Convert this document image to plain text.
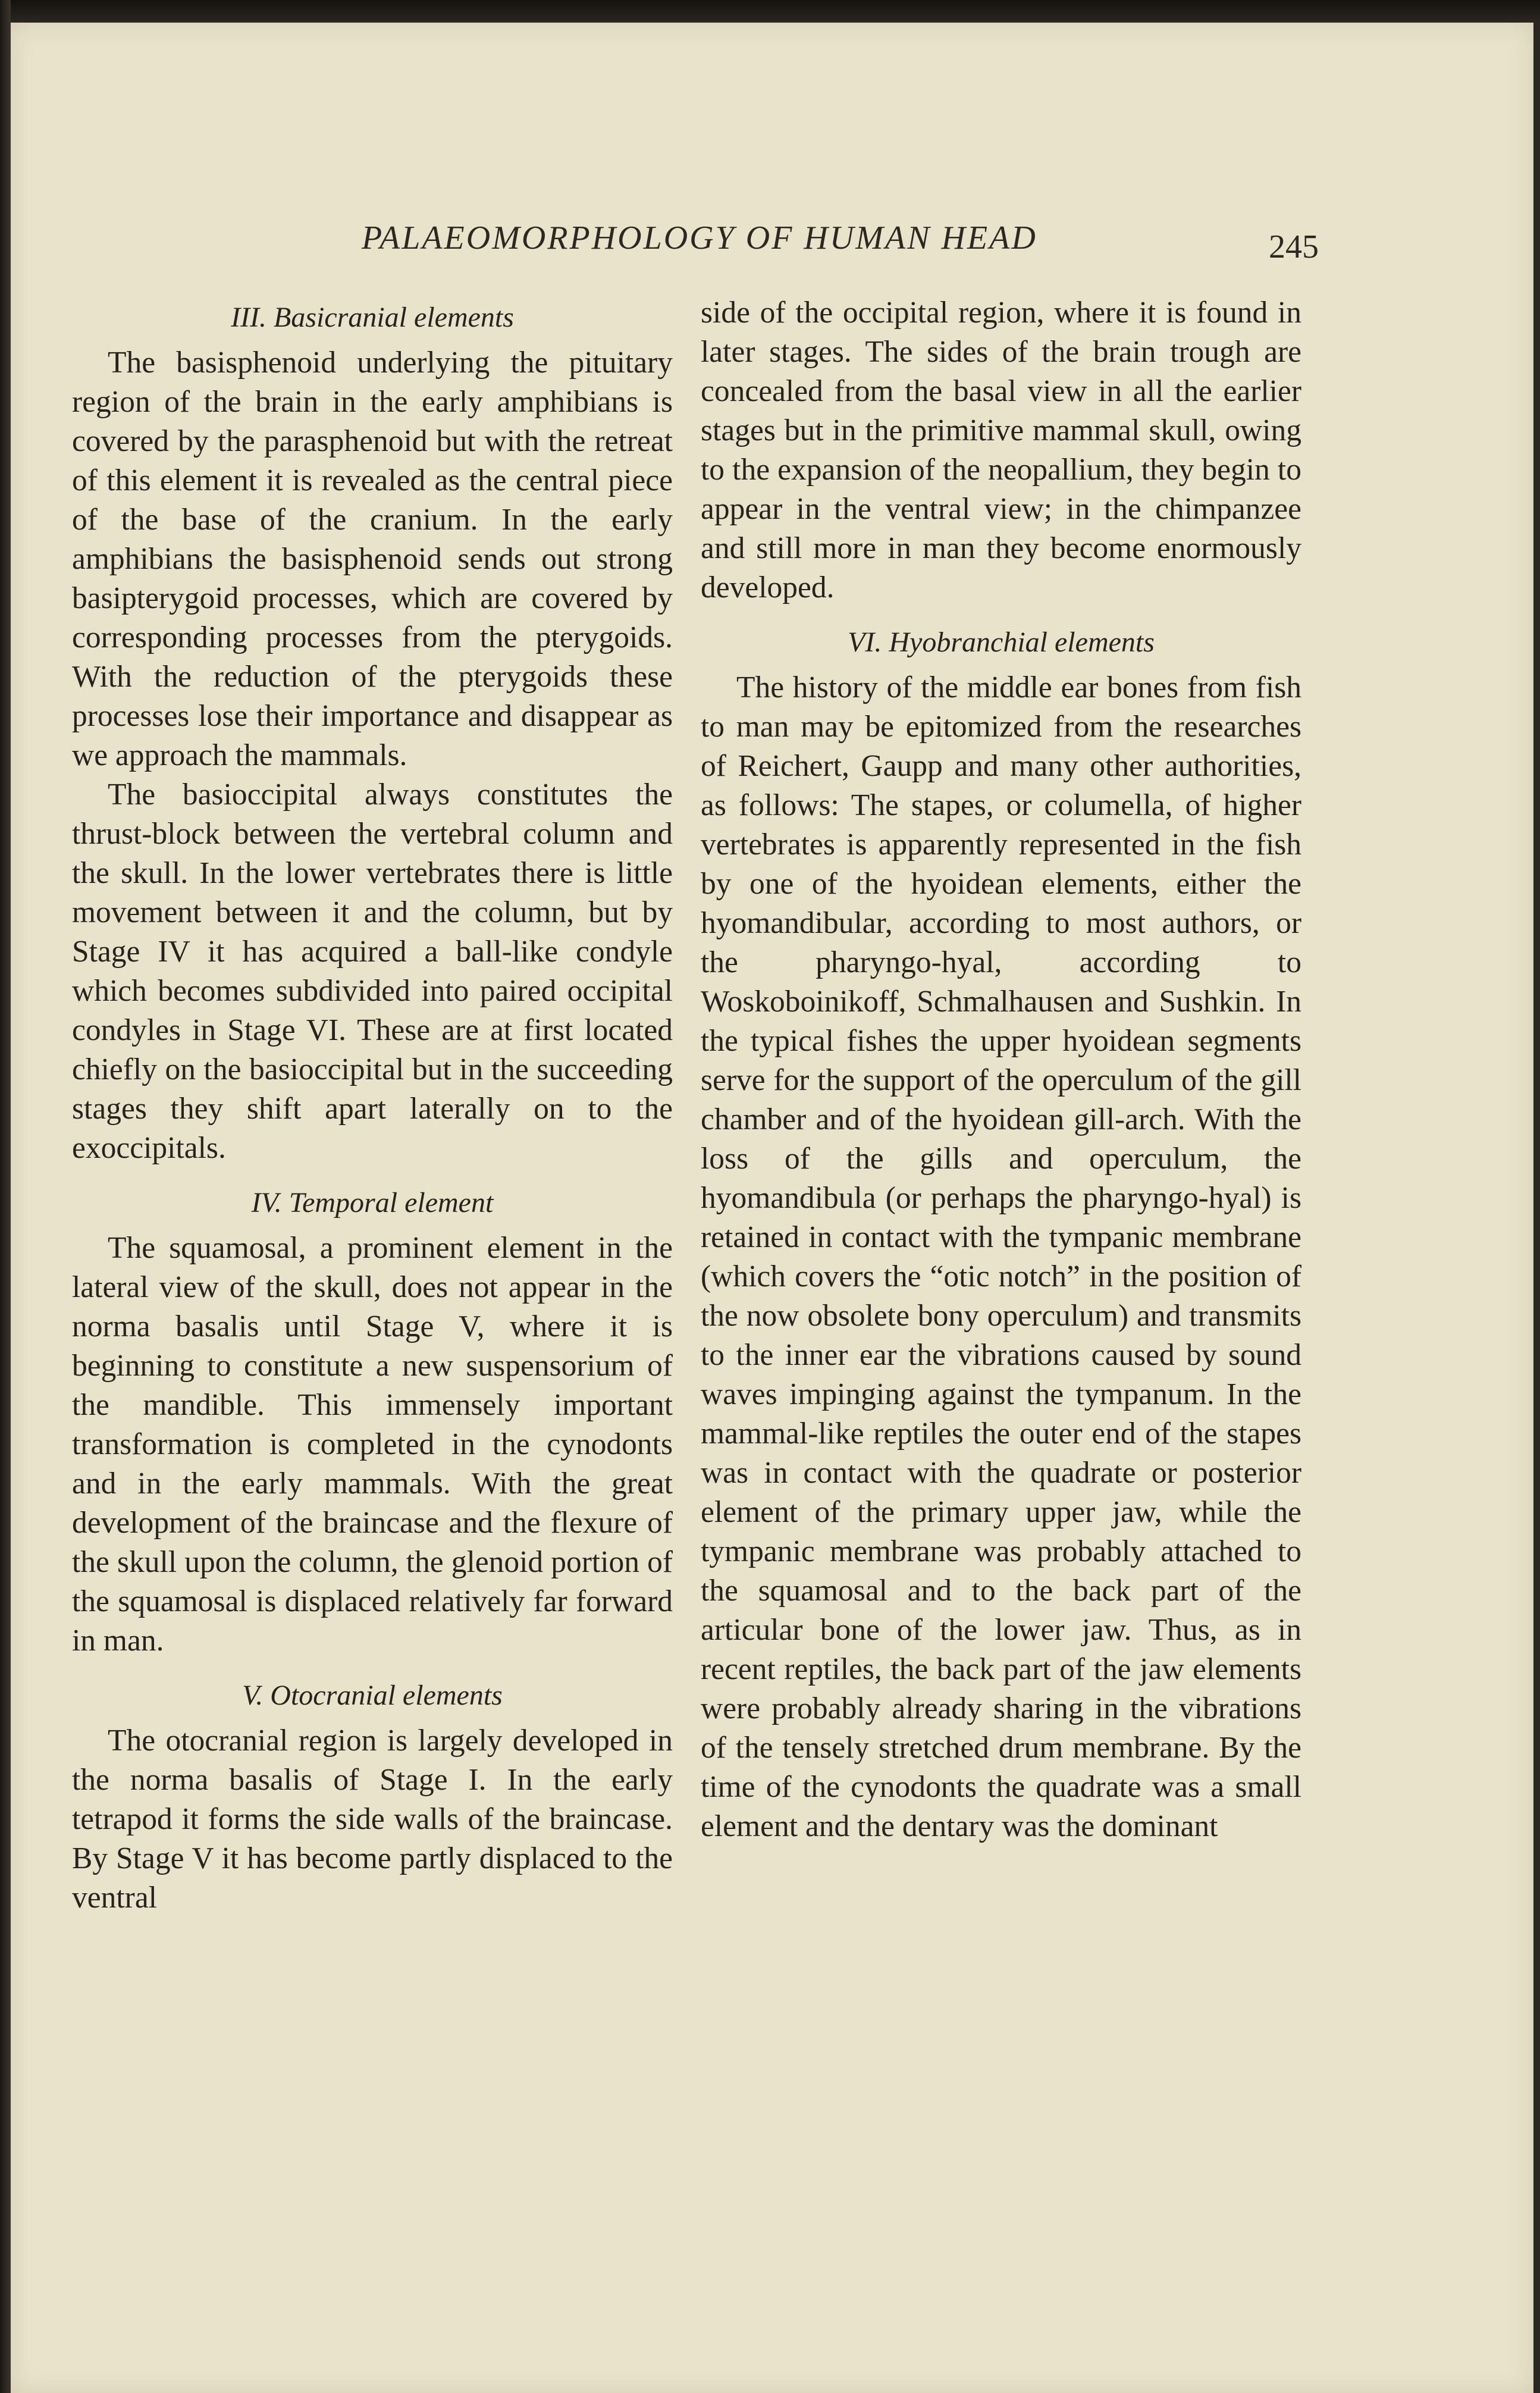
PALAEOMORPHOLOGY OF HUMAN HEAD	245
III. Basicranial elements

The basisphenoid underlying the pituitary region of the brain in the early amphibians is covered by the parasphenoid but with the retreat of this element it is revealed as the central piece of the base of the cranium. In the early amphibians the basisphenoid sends out strong basipterygoid processes, which are covered by corresponding processes from the pterygoids. With the reduction of the pterygoids these processes lose their importance and disappear as we approach the mammals.

The basioccipital always constitutes the thrust-block between the vertebral column and the skull. In the lower vertebrates there is little movement between it and the column, but by Stage IV it has acquired a ball-like condyle which becomes subdivided into paired occipital condyles in Stage VI. These are at first located chiefly on the basioccipital but in the succeeding stages they shift apart laterally on to the exoccipitals.

IV. Temporal element

The squamosal, a prominent element in the lateral view of the skull, does not appear in the norma basalis until Stage V, where it is beginning to constitute a new suspensorium of the mandible. This immensely important transformation is completed in the cynodonts and in the early mammals. With the great development of the braincase and the flexure of the skull upon the column, the glenoid portion of the squamosal is displaced relatively far forward in man.

V. Otocranial elements

The otocranial region is largely developed in the norma basalis of Stage I. In the early tetrapod it forms the side walls of the braincase. By Stage V it has become partly displaced to the ventral

side of the occipital region, where it is found in later stages. The sides of the brain trough are concealed from the basal view in all the earlier stages but in the primitive mammal skull, owing to the expansion of the neopallium, they begin to appear in the ventral view; in the chimpanzee and still more in man they become enormously developed.

VI. Hyobranchial elements

The history of the middle ear bones from fish to man may be epitomized from the researches of Reichert, Gaupp and many other authorities, as follows: The stapes, or columella, of higher vertebrates is apparently represented in the fish by one of the hyoidean elements, either the hyomandibular, according to most authors, or the pharyngo-hyal, according to Woskoboinikoff, Schmalhausen and Sushkin. In the typical fishes the upper hyoidean segments serve for the support of the operculum of the gill chamber and of the hyoidean gill-arch. With the loss of the gills and operculum, the hyomandibula (or perhaps the pharyngo-hyal) is retained in contact with the tympanic membrane (which covers the “otic notch” in the position of the now obsolete bony operculum) and transmits to the inner ear the vibrations caused by sound waves impinging against the tympanum. In the mammal-like reptiles the outer end of the stapes was in contact with the quadrate or posterior element of the primary upper jaw, while the tympanic membrane was probably attached to the squamosal and to the back part of the articular bone of the lower jaw. Thus, as in recent reptiles, the back part of the jaw elements were probably already sharing in the vibrations of the tensely stretched drum membrane. By the time of the cynodonts the quadrate was a small element and the dentary was the dominant
